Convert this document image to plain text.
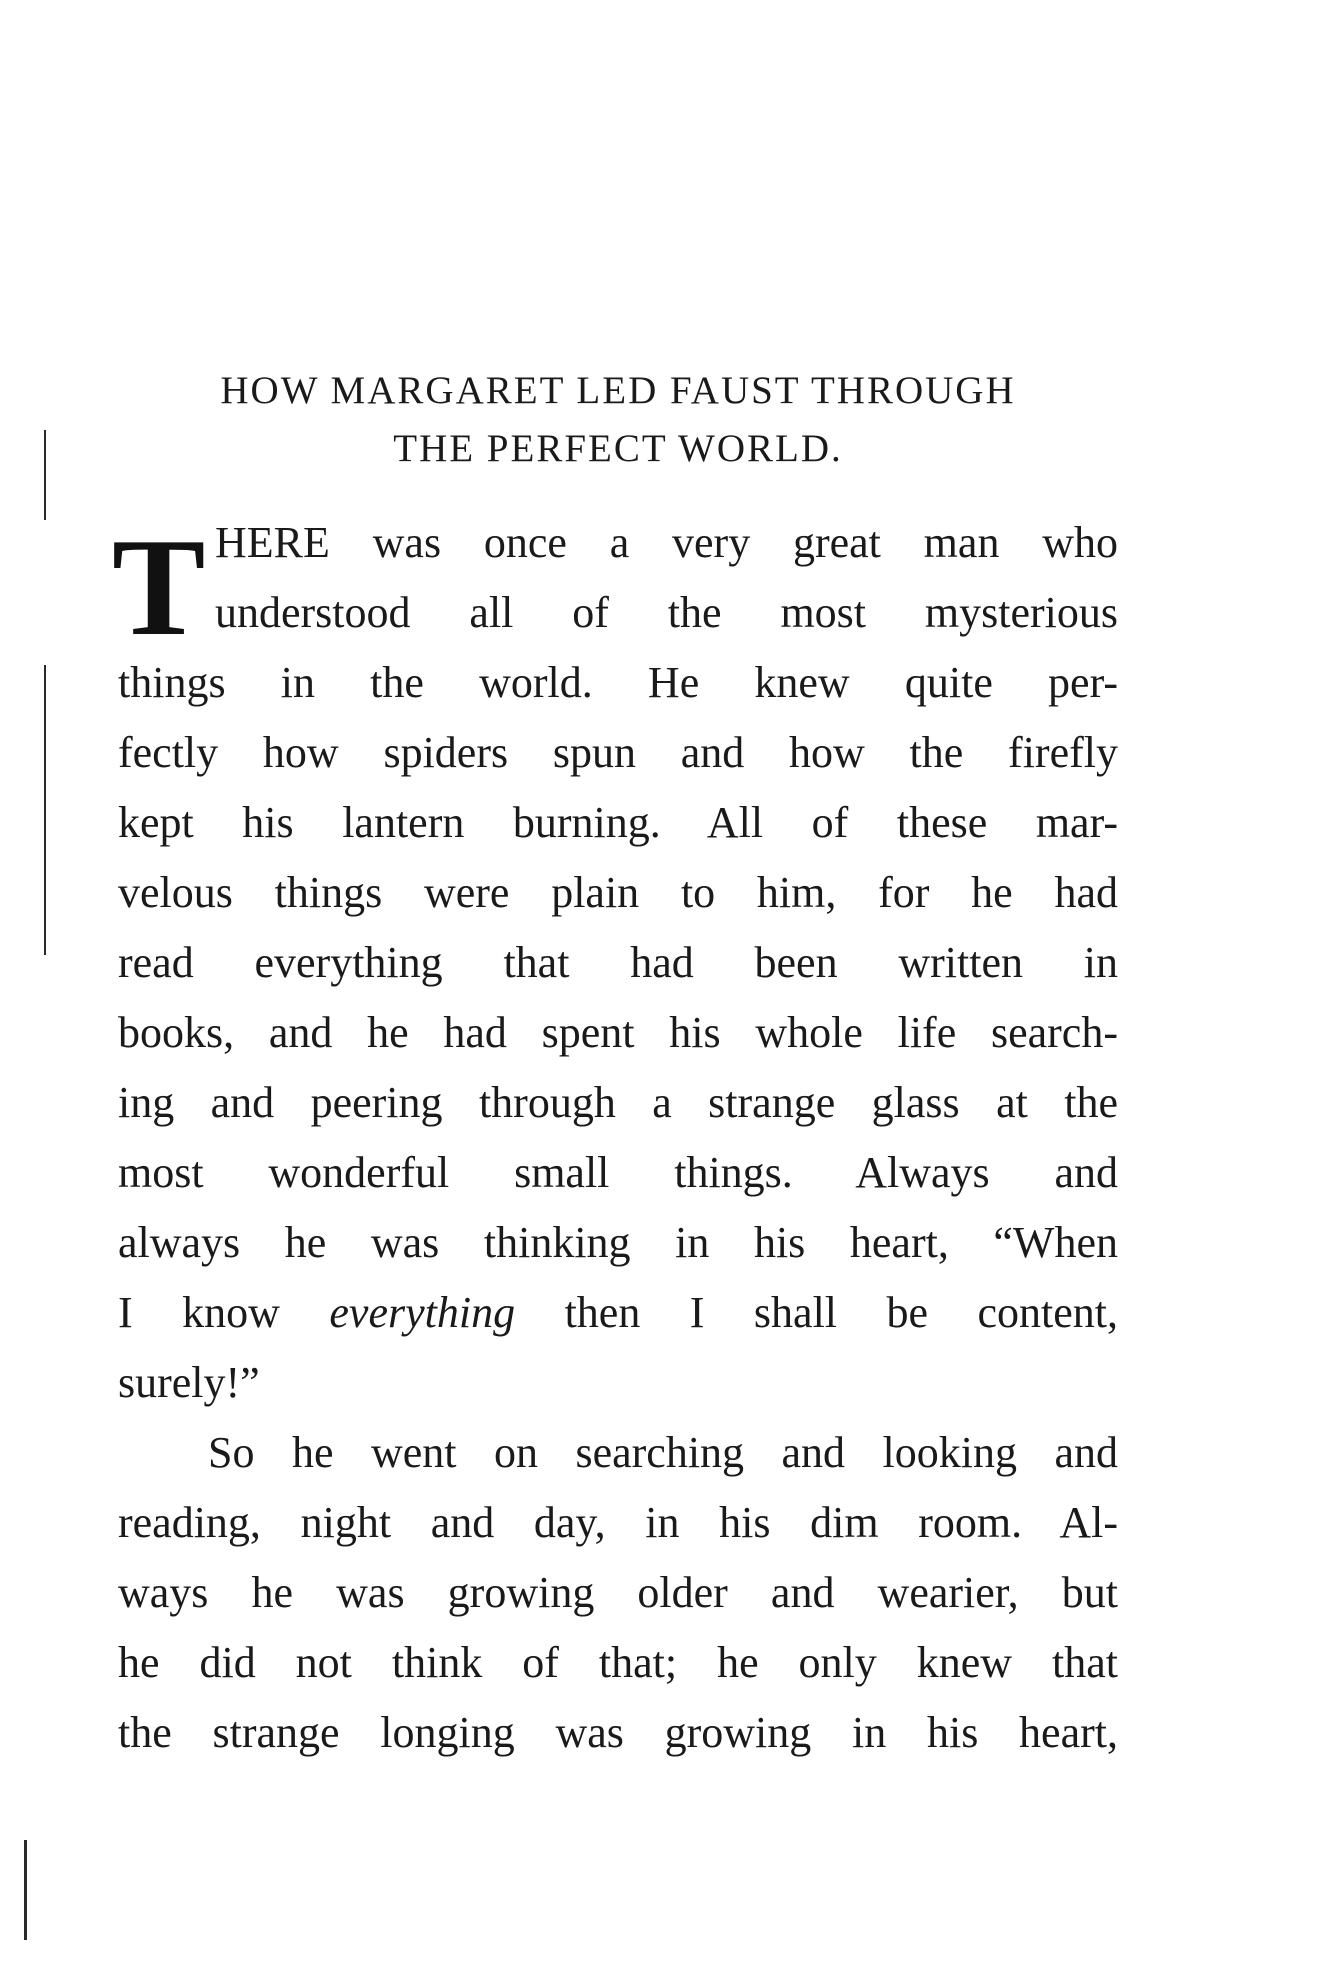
HOW MARGARET LED FAUST THROUGH
THE PERFECT WORLD.
T HERE was once a very great man who
understood all of the most mysterious
things in the world. He knew quite per-
fectly how spiders spun and how the firefly
kept his lantern burning. All of these mar-
velous things were plain to him, for he had
read everything that had been written in
books, and he had spent his whole life search-
ing and peering through a strange glass at the
most wonderful small things. Always and
always he was thinking in his heart, “When
I know everything then I shall be content,
surely!”
So he went on searching and looking and
reading, night and day, in his dim room. Al-
ways he was growing older and wearier, but
he did not think of that; he only knew that
the strange longing was growing in his heart,
